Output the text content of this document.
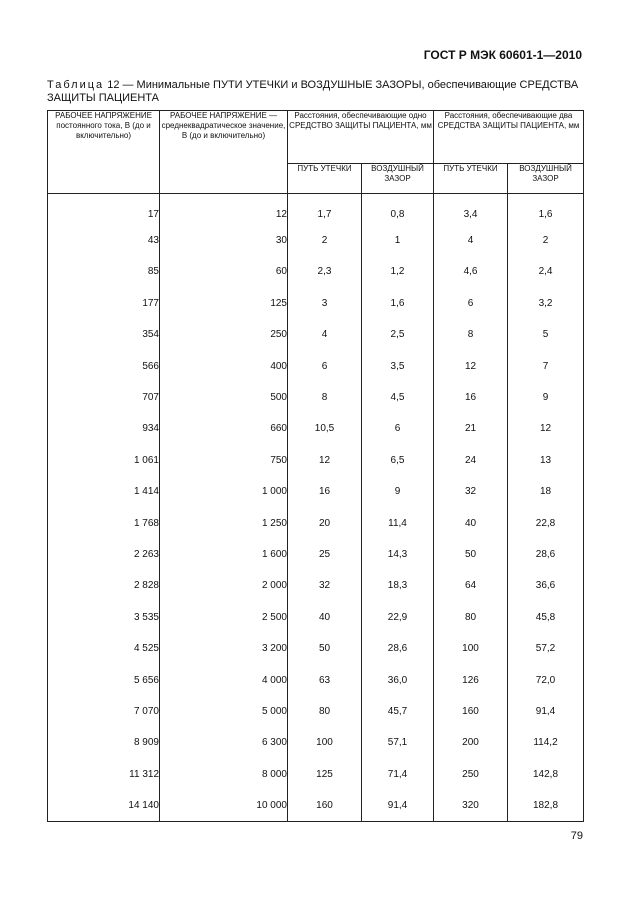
ГОСТ Р МЭК 60601-1—2010
Таблица 12 — Минимальные ПУТИ УТЕЧКИ и ВОЗДУШНЫЕ ЗАЗОРЫ, обеспечивающие СРЕДСТВА ЗАЩИТЫ ПАЦИЕНТА
РАБОЧЕЕ НАПРЯЖЕНИЕ постоянного тока, В (до и включительно)	РАБОЧЕЕ НАПРЯЖЕНИЕ — среднеквадратическое значение, В (до и включительно)	Расстояния, обеспечивающие одно СРЕДСТВО ЗАЩИТЫ ПАЦИЕНТА, мм		Расстояния, обеспечивающие два СРЕДСТВА ЗАЩИТЫ ПАЦИЕНТА, мм	
		ПУТЬ УТЕЧКИ	ВОЗДУШНЫЙ ЗАЗОР	ПУТЬ УТЕЧКИ	ВОЗДУШНЫЙ ЗАЗОР
17	12	1,7	0,8	3,4	1,6
43	30	2	1	4	2
85	60	2,3	1,2	4,6	2,4
177	125	3	1,6	6	3,2
354	250	4	2,5	8	5
566	400	6	3,5	12	7
707	500	8	4,5	16	9
934	660	10,5	6	21	12
1 061	750	12	6,5	24	13
1 414	1 000	16	9	32	18
1 768	1 250	20	11,4	40	22,8
2 263	1 600	25	14,3	50	28,6
2 828	2 000	32	18,3	64	36,6
3 535	2 500	40	22,9	80	45,8
4 525	3 200	50	28,6	100	57,2
5 656	4 000	63	36,0	126	72,0
7 070	5 000	80	45,7	160	91,4
8 909	6 300	100	57,1	200	114,2
11 312	8 000	125	71,4	250	142,8
14 140	10 000	160	91,4	320	182,8
79
